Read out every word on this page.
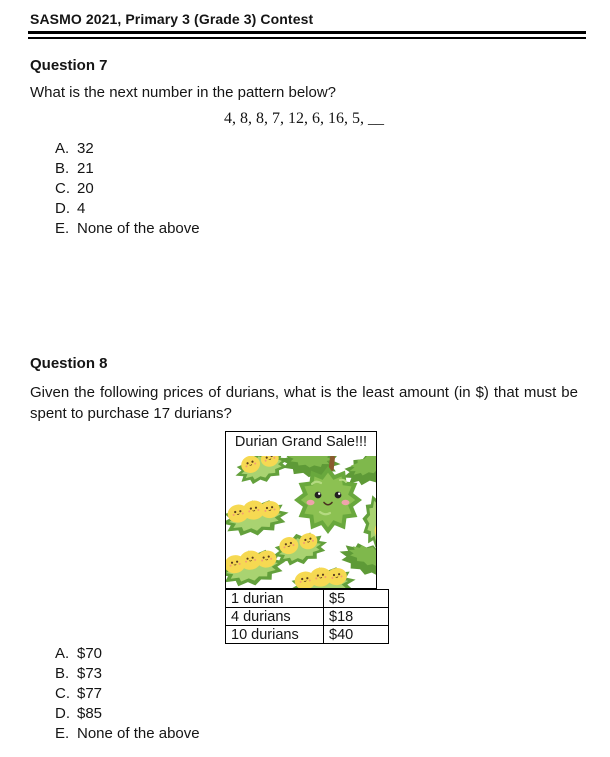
SASMO 2021, Primary 3 (Grade 3) Contest
Question 7
What is the next number in the pattern below?
4, 8, 8, 7, 12, 6, 16, 5, __
A. 32
B. 21
C. 20
D. 4
E. None of the above
Question 8
Given the following prices of durians, what is the least amount (in $) that must be
spent to purchase 17 durians?
Durian Grand Sale!!!
1 durian	$5
4 durians	$18
10 durians	$40
A. $70
B. $73
C. $77
D. $85
E. None of the above
